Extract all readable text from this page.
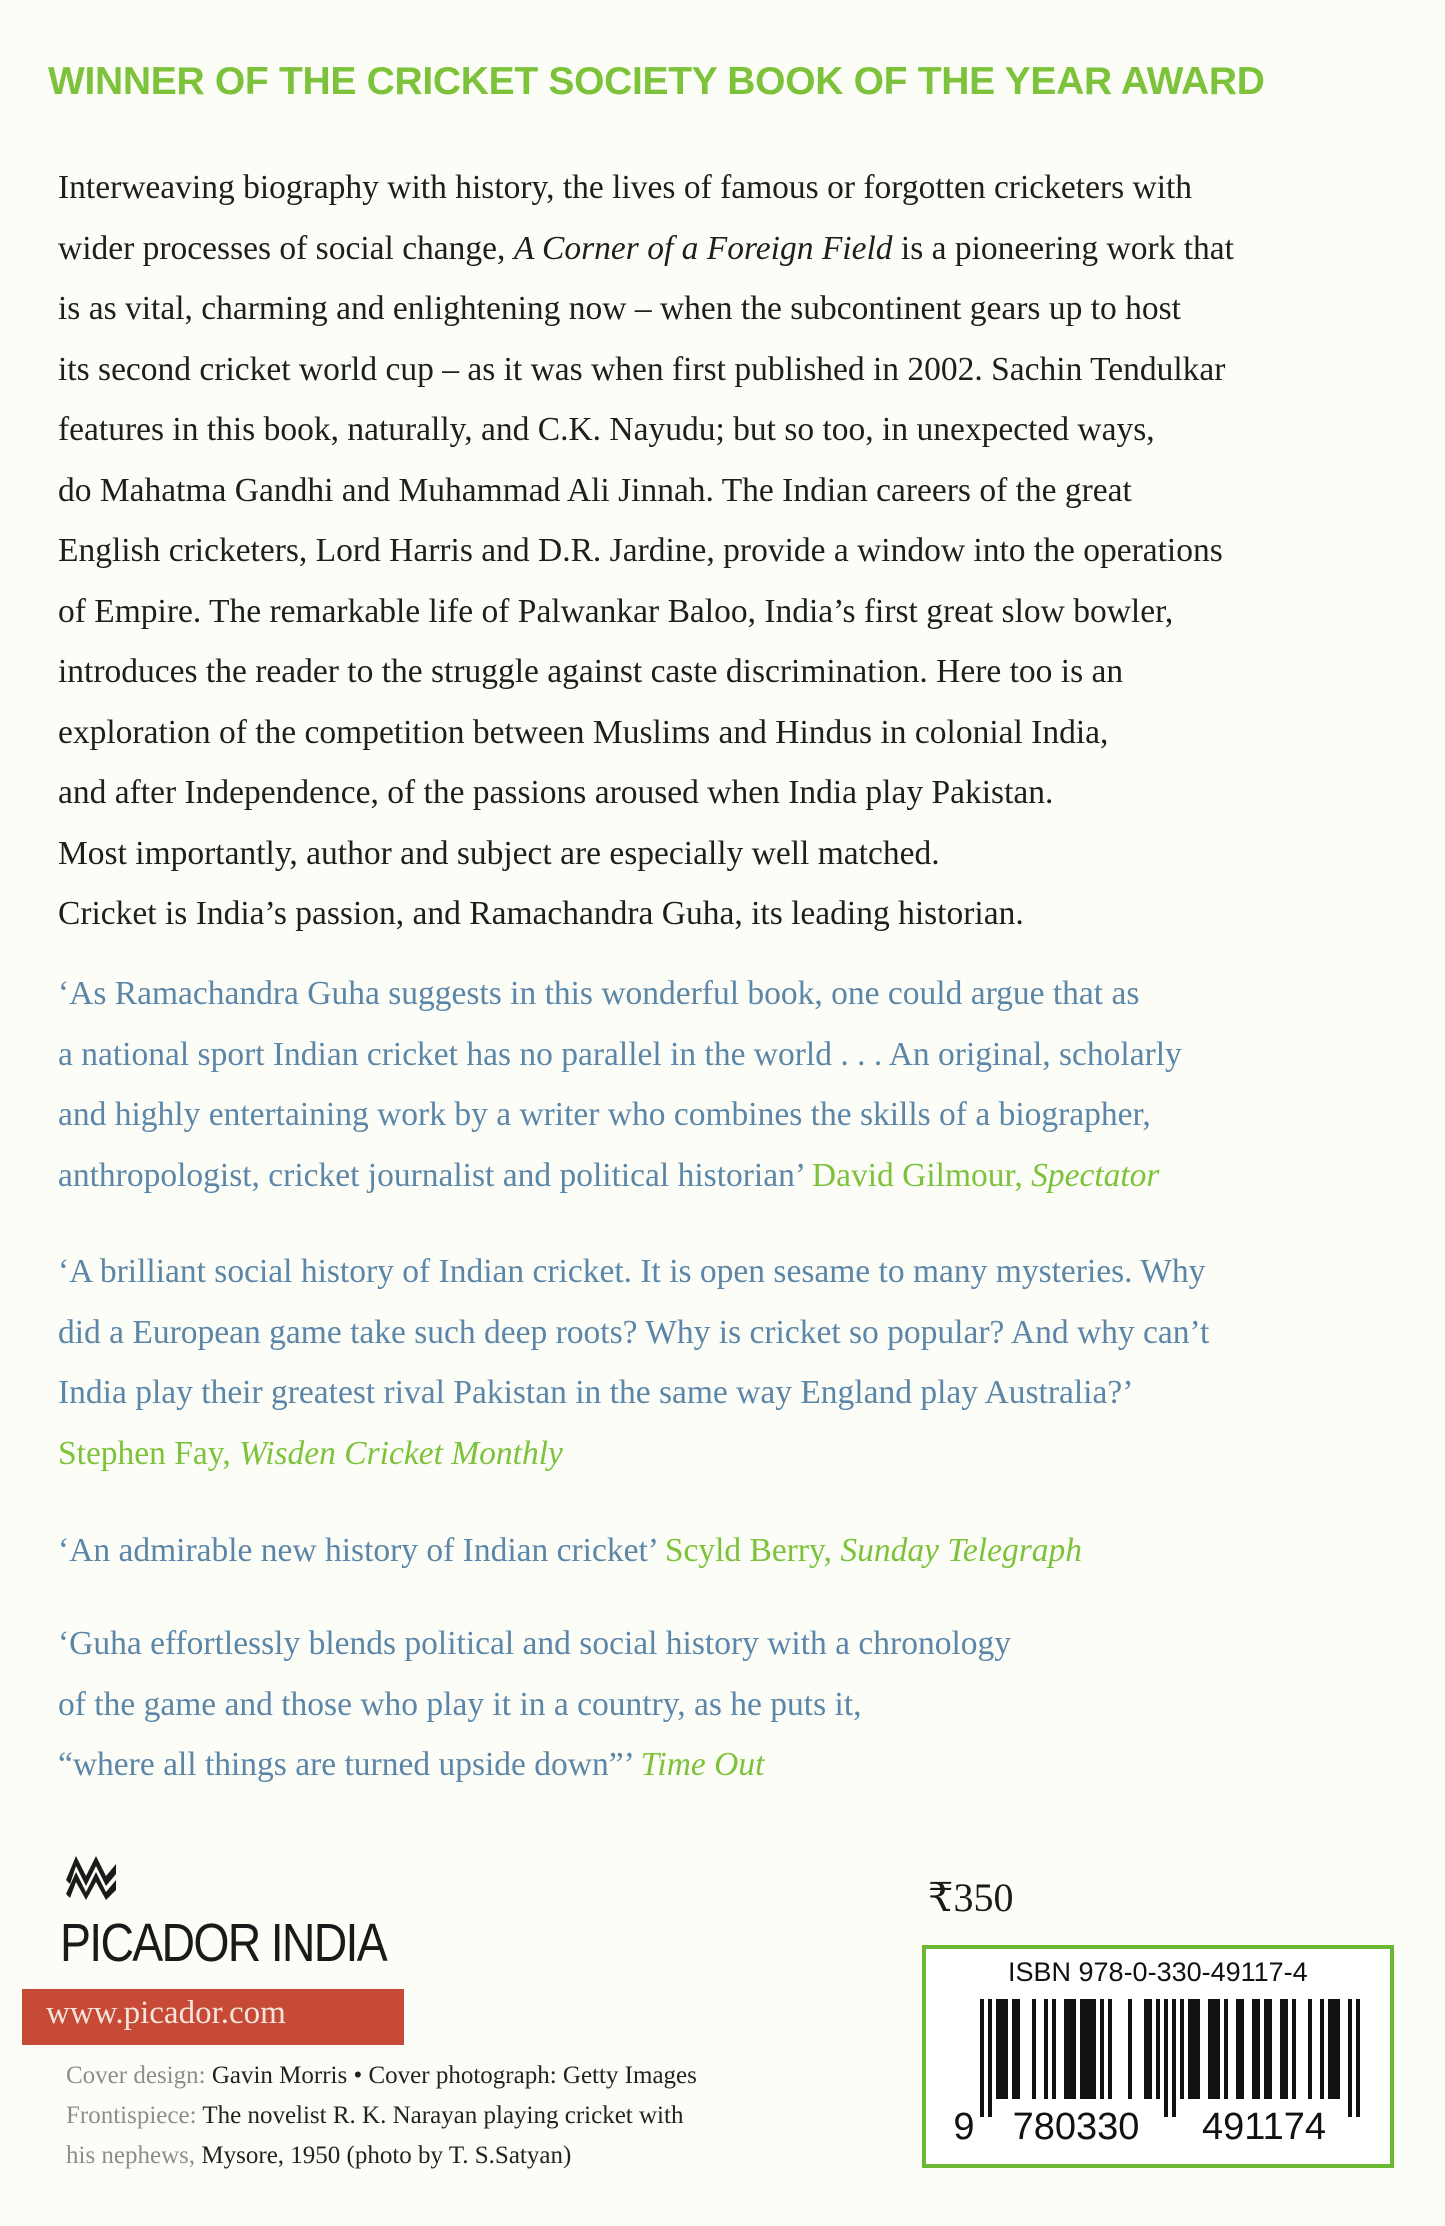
WINNER OF THE CRICKET SOCIETY BOOK OF THE YEAR AWARD
Interweaving biography with history, the lives of famous or forgotten cricketers with
wider processes of social change, A Corner of a Foreign Field is a pioneering work that
is as vital, charming and enlightening now – when the subcontinent gears up to host
its second cricket world cup – as it was when first published in 2002. Sachin Tendulkar
features in this book, naturally, and C.K. Nayudu; but so too, in unexpected ways,
do Mahatma Gandhi and Muhammad Ali Jinnah. The Indian careers of the great
English cricketers, Lord Harris and D.R. Jardine, provide a window into the operations
of Empire. The remarkable life of Palwankar Baloo, India’s first great slow bowler,
introduces the reader to the struggle against caste discrimination. Here too is an
exploration of the competition between Muslims and Hindus in colonial India,
and after Independence, of the passions aroused when India play Pakistan.
Most importantly, author and subject are especially well matched.
Cricket is India’s passion, and Ramachandra Guha, its leading historian.
‘As Ramachandra Guha suggests in this wonderful book, one could argue that as
a national sport Indian cricket has no parallel in the world . . . An original, scholarly
and highly entertaining work by a writer who combines the skills of a biographer,
anthropologist, cricket journalist and political historian’ David Gilmour, Spectator
‘A brilliant social history of Indian cricket. It is open sesame to many mysteries. Why
did a European game take such deep roots? Why is cricket so popular? And why can’t
India play their greatest rival Pakistan in the same way England play Australia?’
Stephen Fay, Wisden Cricket Monthly
‘An admirable new history of Indian cricket’ Scyld Berry, Sunday Telegraph
‘Guha effortlessly blends political and social history with a chronology
of the game and those who play it in a country, as he puts it,
“where all things are turned upside down”’ Time Out
PICADOR INDIA
www.picador.com
Cover design: Gavin Morris • Cover photograph: Getty Images
Frontispiece: The novelist R. K. Narayan playing cricket with
his nephews, Mysore, 1950 (photo by T. S.Satyan)
₹350
ISBN 978-0-330-49117-4
9 780330 491174
